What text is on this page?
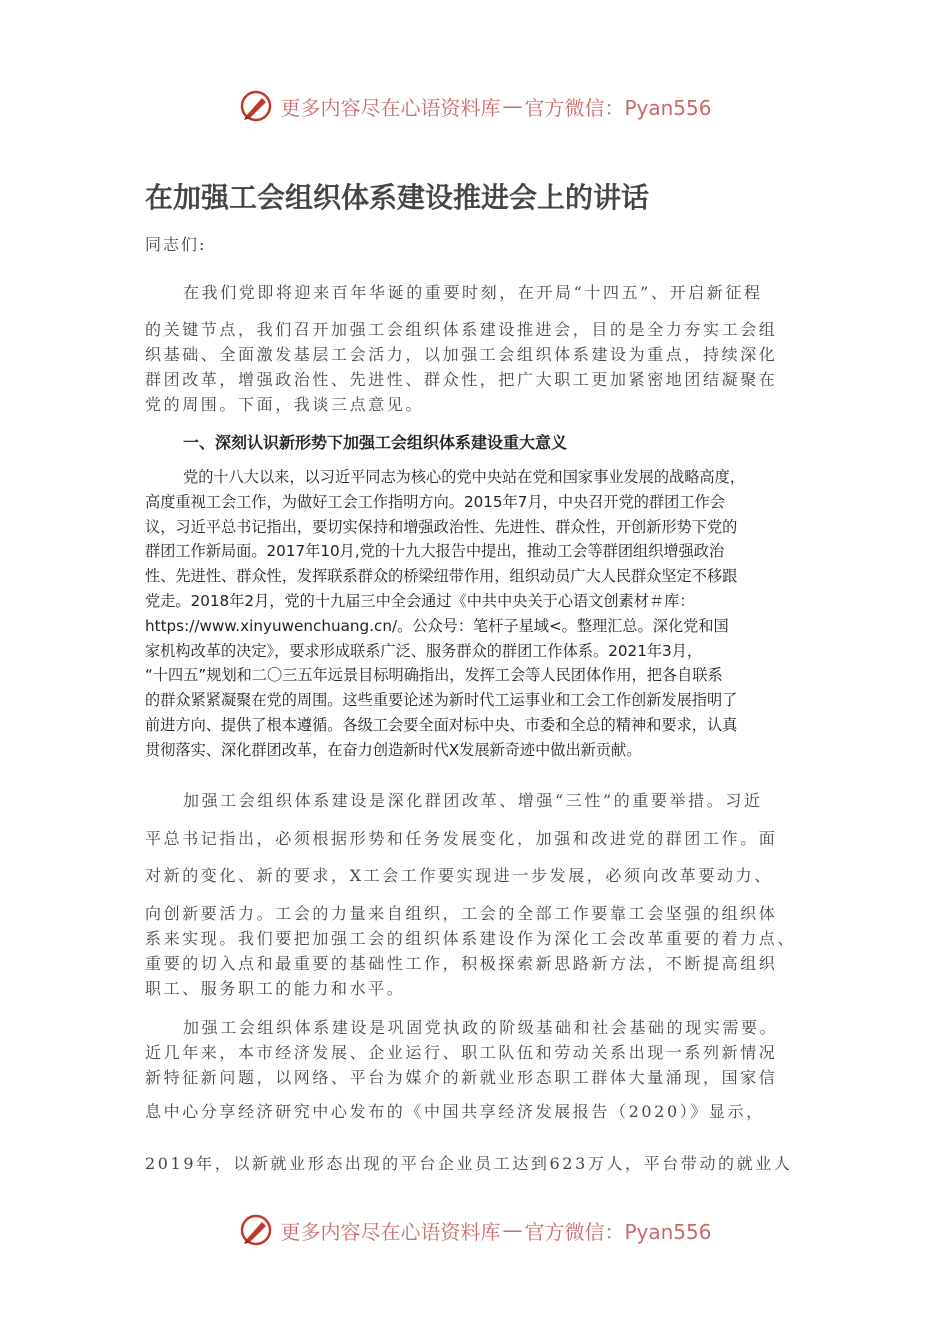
更多内容尽在心语资料库 — 官方微信：Pyan556
在加强工会组织体系建设推进会上的讲话
同志们:
在我们党即将迎来百年华诞的重要时刻，在开局“十四五”、开启新征程
的关键节点，我们召开加强工会组织体系建设推进会，目的是全力夯实工会组
织基础、全面激发基层工会活力，以加强工会组织体系建设为重点，持续深化
群团改革，增强政治性、先进性、群众性，把广大职工更加紧密地团结凝聚在
党的周围。下面，我谈三点意见。
一、深刻认识新形势下加强工会组织体系建设重大意义
党的十八大以来，以习近平同志为核心的党中央站在党和国家事业发展的战略高度，
高度重视工会工作，为做好工会工作指明方向。2015年7月，中央召开党的群团工作会
议，习近平总书记指出，要切实保持和增强政治性、先进性、群众性，开创新形势下党的
群团工作新局面。2017年10月,党的十九大报告中提出，推动工会等群团组织增强政治
性、先进性、群众性，发挥联系群众的桥梁纽带作用，组织动员广大人民群众坚定不移跟
党走。2018年2月，党的十九届三中全会通过《中共中央关于心语文创素材＃库：
https://www.xinyuwenchuang.cn/。公众号：笔杆子星域<。整理汇总。深化党和国
家机构改革的决定》，要求形成联系广泛、服务群众的群团工作体系。2021年3月，
“十四五”规划和二〇三五年远景目标明确指出，发挥工会等人民团体作用，把各自联系
的群众紧紧凝聚在党的周围。这些重要论述为新时代工运事业和工会工作创新发展指明了
前进方向、提供了根本遵循。各级工会要全面对标中央、市委和全总的精神和要求，认真
贯彻落实、深化群团改革，在奋力创造新时代X发展新奇迹中做出新贡献。
加强工会组织体系建设是深化群团改革、增强“三性”的重要举措。习近
平总书记指出，必须根据形势和任务发展变化，加强和改进党的群团工作。面
对新的变化、新的要求，X工会工作要实现进一步发展，必须向改革要动力、
向创新要活力。工会的力量来自组织，工会的全部工作要靠工会坚强的组织体
系来实现。我们要把加强工会的组织体系建设作为深化工会改革重要的着力点、
重要的切入点和最重要的基础性工作，积极探索新思路新方法，不断提高组织
职工、服务职工的能力和水平。
加强工会组织体系建设是巩固党执政的阶级基础和社会基础的现实需要。
近几年来，本市经济发展、企业运行、职工队伍和劳动关系出现一系列新情况
新特征新问题，以网络、平台为媒介的新就业形态职工群体大量涌现，国家信
息中心分享经济研究中心发布的《中国共享经济发展报告（2020）》显示，
2019年，以新就业形态出现的平台企业员工达到623万人，平台带动的就业人
更多内容尽在心语资料库 — 官方微信：Pyan556
